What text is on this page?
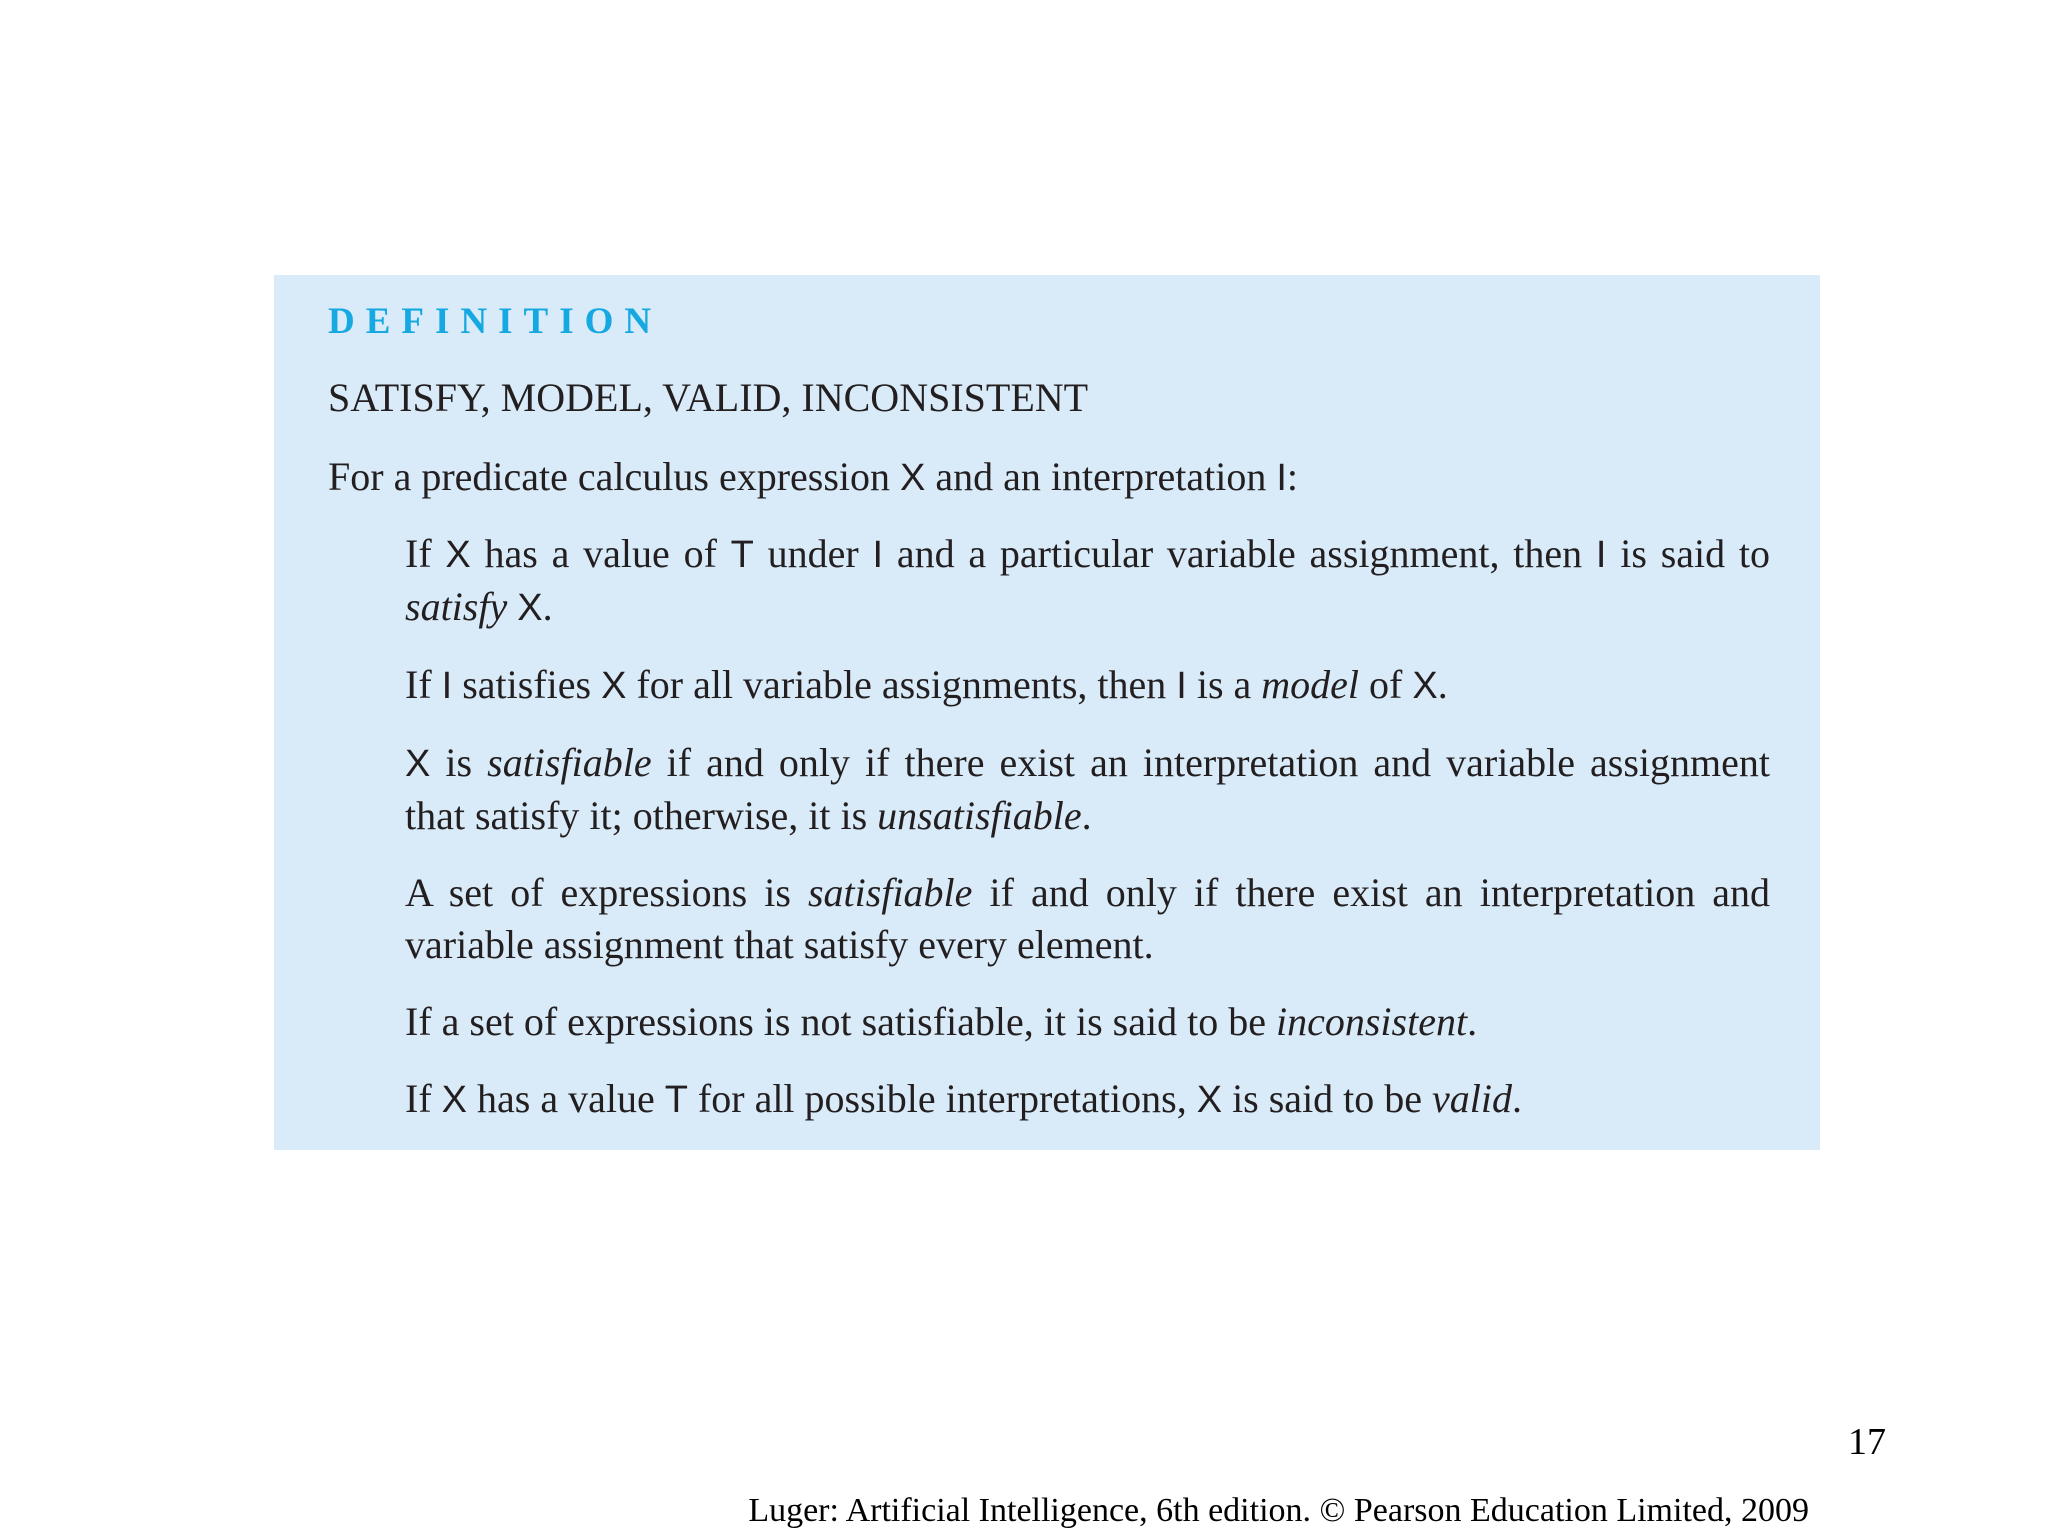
DEFINITION
SATISFY, MODEL, VALID, INCONSISTENT
For a predicate calculus expression X and an interpretation I:
If X has a value of T under I and a particular variable assignment, then I is said to satisfy X.
If I satisfies X for all variable assignments, then I is a model of X.
X is satisfiable if and only if there exist an interpretation and variable assignment that satisfy it; otherwise, it is unsatisfiable.
A set of expressions is satisfiable if and only if there exist an interpretation and variable assignment that satisfy every element.
If a set of expressions is not satisfiable, it is said to be inconsistent.
If X has a value T for all possible interpretations, X is said to be valid.
17
Luger: Artificial Intelligence, 6th edition. © Pearson Education Limited, 2009
